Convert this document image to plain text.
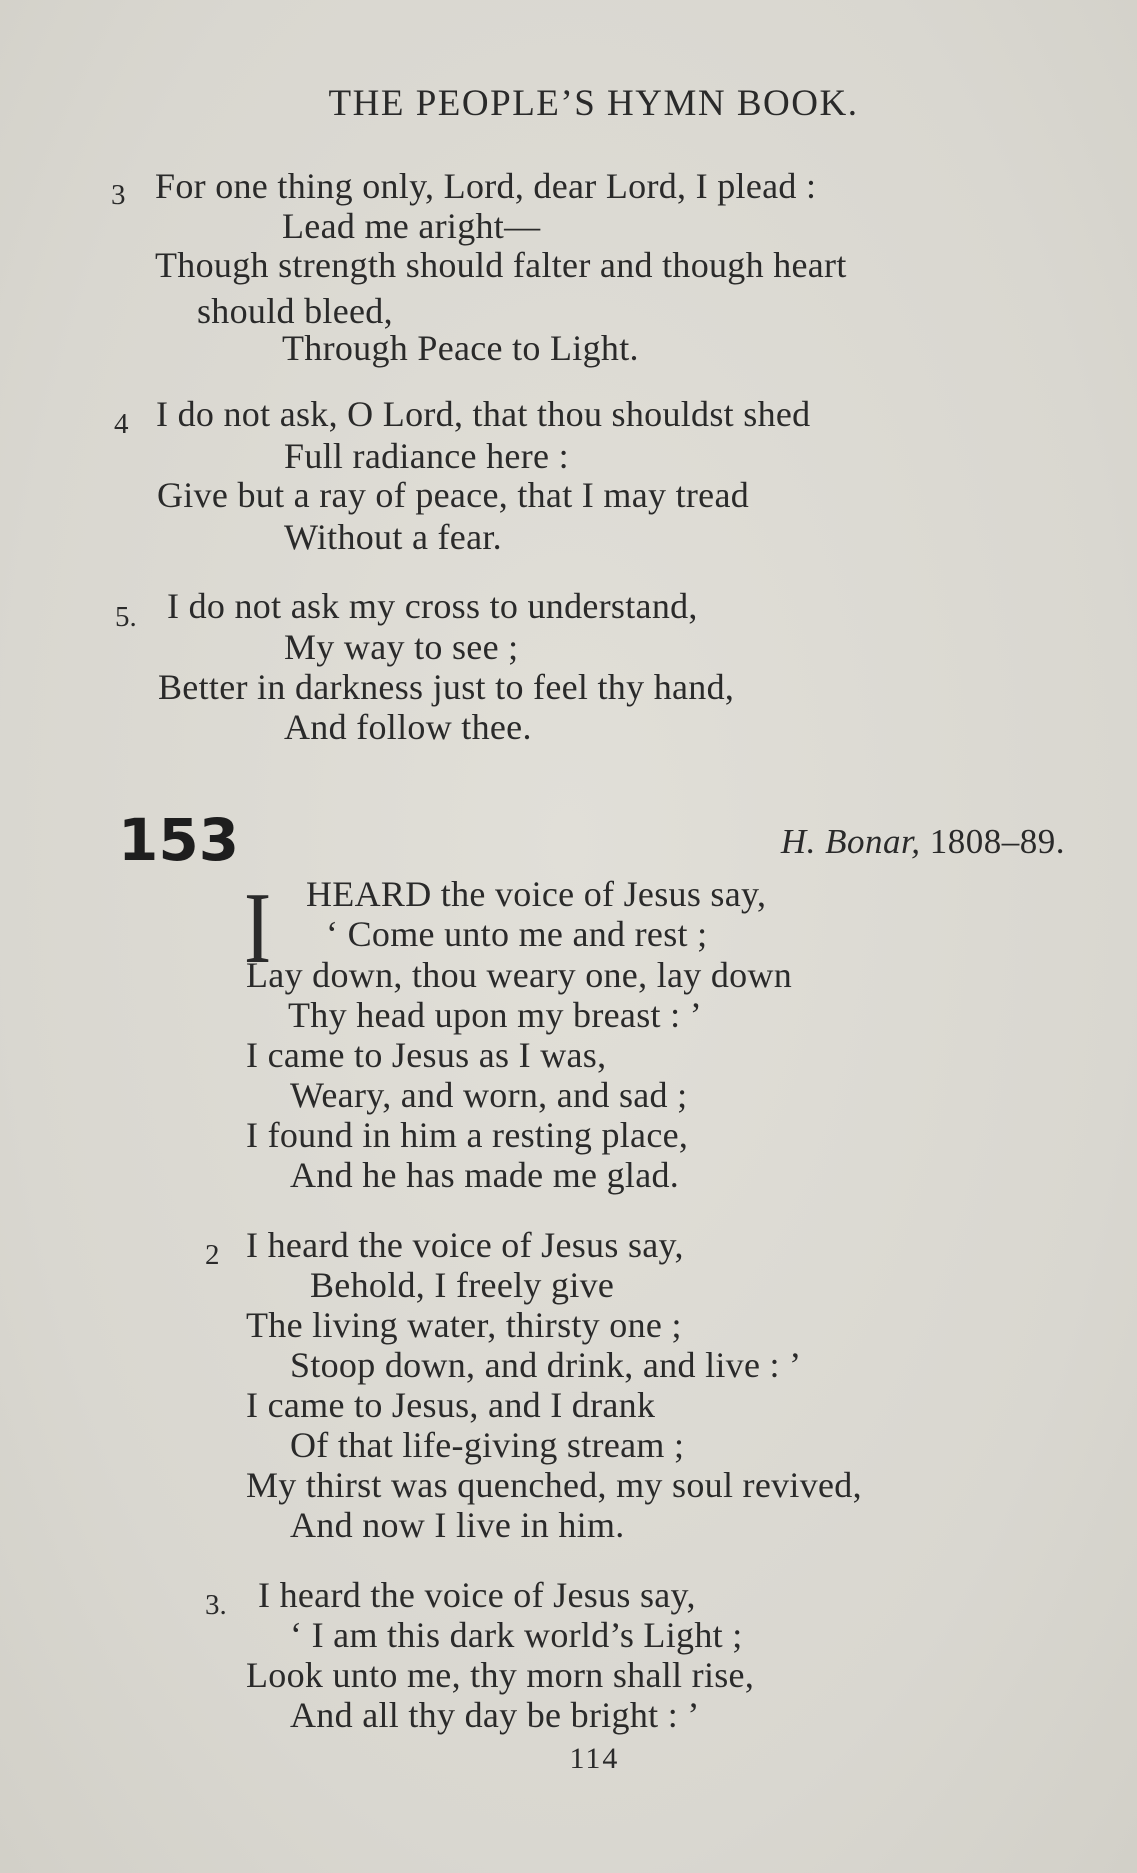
THE PEOPLE’S HYMN BOOK.
3 For one thing only, Lord, dear Lord, I plead :
Lead me aright—
Though strength should falter and though heart
should bleed,
Through Peace to Light.
4 I do not ask, O Lord, that thou shouldst shed
Full radiance here :
Give but a ray of peace, that I may tread
Without a fear.
5. I do not ask my cross to understand,
My way to see ;
Better in darkness just to feel thy hand,
And follow thee.
153	H. Bonar, 1808–89.
I HEARD the voice of Jesus say,
‘ Come unto me and rest ;
Lay down, thou weary one, lay down
Thy head upon my breast : ’
I came to Jesus as I was,
Weary, and worn, and sad ;
I found in him a resting place,
And he has made me glad.
2 I heard the voice of Jesus say,
Behold, I freely give
The living water, thirsty one ;
Stoop down, and drink, and live : ’
I came to Jesus, and I drank
Of that life-giving stream ;
My thirst was quenched, my soul revived,
And now I live in him.
3. I heard the voice of Jesus say,
‘ I am this dark world’s Light ;
Look unto me, thy morn shall rise,
And all thy day be bright : ’
114
